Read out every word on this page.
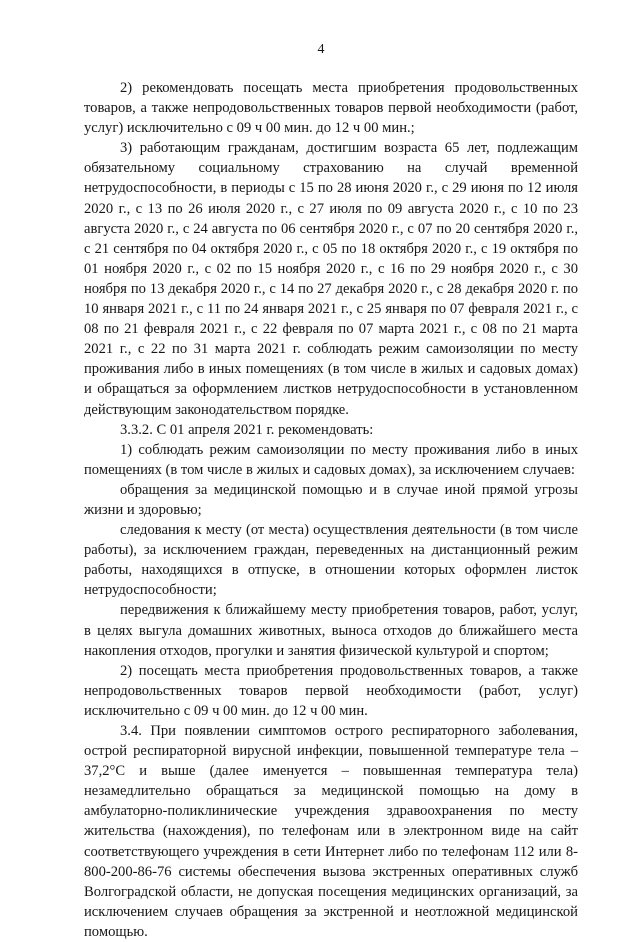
4

2) рекомендовать посещать места приобретения продовольственных товаров, а также непродовольственных товаров первой необходимости (работ, услуг) исключительно с 09 ч 00 мин. до 12 ч 00 мин.;

3) работающим гражданам, достигшим возраста 65 лет, подлежащим обязательному социальному страхованию на случай временной нетрудоспособности, в периоды с 15 по 28 июня 2020 г., с 29 июня по 12 июля 2020 г., с 13 по 26 июля 2020 г., с 27 июля по 09 августа 2020 г., с 10 по 23 августа 2020 г., с 24 августа по 06 сентября 2020 г., с 07 по 20 сентября 2020 г., с 21 сентября по 04 октября 2020 г., с 05 по 18 октября 2020 г., с 19 октября по 01 ноября 2020 г., с 02 по 15 ноября 2020 г., с 16 по 29 ноября 2020 г., с 30 ноября по 13 декабря 2020 г., с 14 по 27 декабря 2020 г., с 28 декабря 2020 г. по 10 января 2021 г., с 11 по 24 января 2021 г., с 25 января по 07 февраля 2021 г., с 08 по 21 февраля 2021 г., с 22 февраля по 07 марта 2021 г., с 08 по 21 марта 2021 г., с 22 по 31 марта 2021 г. соблюдать режим самоизоляции по месту проживания либо в иных помещениях (в том числе в жилых и садовых домах) и обращаться за оформлением листков нетрудоспособности в установленном действующим законодательством порядке.

3.3.2. С 01 апреля 2021 г. рекомендовать:

1) соблюдать режим самоизоляции по месту проживания либо в иных помещениях (в том числе в жилых и садовых домах), за исключением случаев:

обращения за медицинской помощью и в случае иной прямой угрозы жизни и здоровью;

следования к месту (от места) осуществления деятельности (в том числе работы), за исключением граждан, переведенных на дистанционный режим работы, находящихся в отпуске, в отношении которых оформлен листок нетрудоспособности;

передвижения к ближайшему месту приобретения товаров, работ, услуг, в целях выгула домашних животных, выноса отходов до ближайшего места накопления отходов, прогулки и занятия физической культурой и спортом;

2) посещать места приобретения продовольственных товаров, а также непродовольственных товаров первой необходимости (работ, услуг) исключительно с 09 ч 00 мин. до 12 ч 00 мин.

3.4. При появлении симптомов острого респираторного заболевания, острой респираторной вирусной инфекции, повышенной температуре тела – 37,2°С и выше (далее именуется – повышенная температура тела) незамедлительно обращаться за медицинской помощью на дому в амбулаторно-поликлинические учреждения здравоохранения по месту жительства (нахождения), по телефонам или в электронном виде на сайт соответствующего учреждения в сети Интернет либо по телефонам 112 или 8-800-200-86-76 системы обеспечения вызова экстренных оперативных служб Волгоградской области, не допуская посещения медицинских организаций, за исключением случаев обращения за экстренной и неотложной медицинской помощью.
